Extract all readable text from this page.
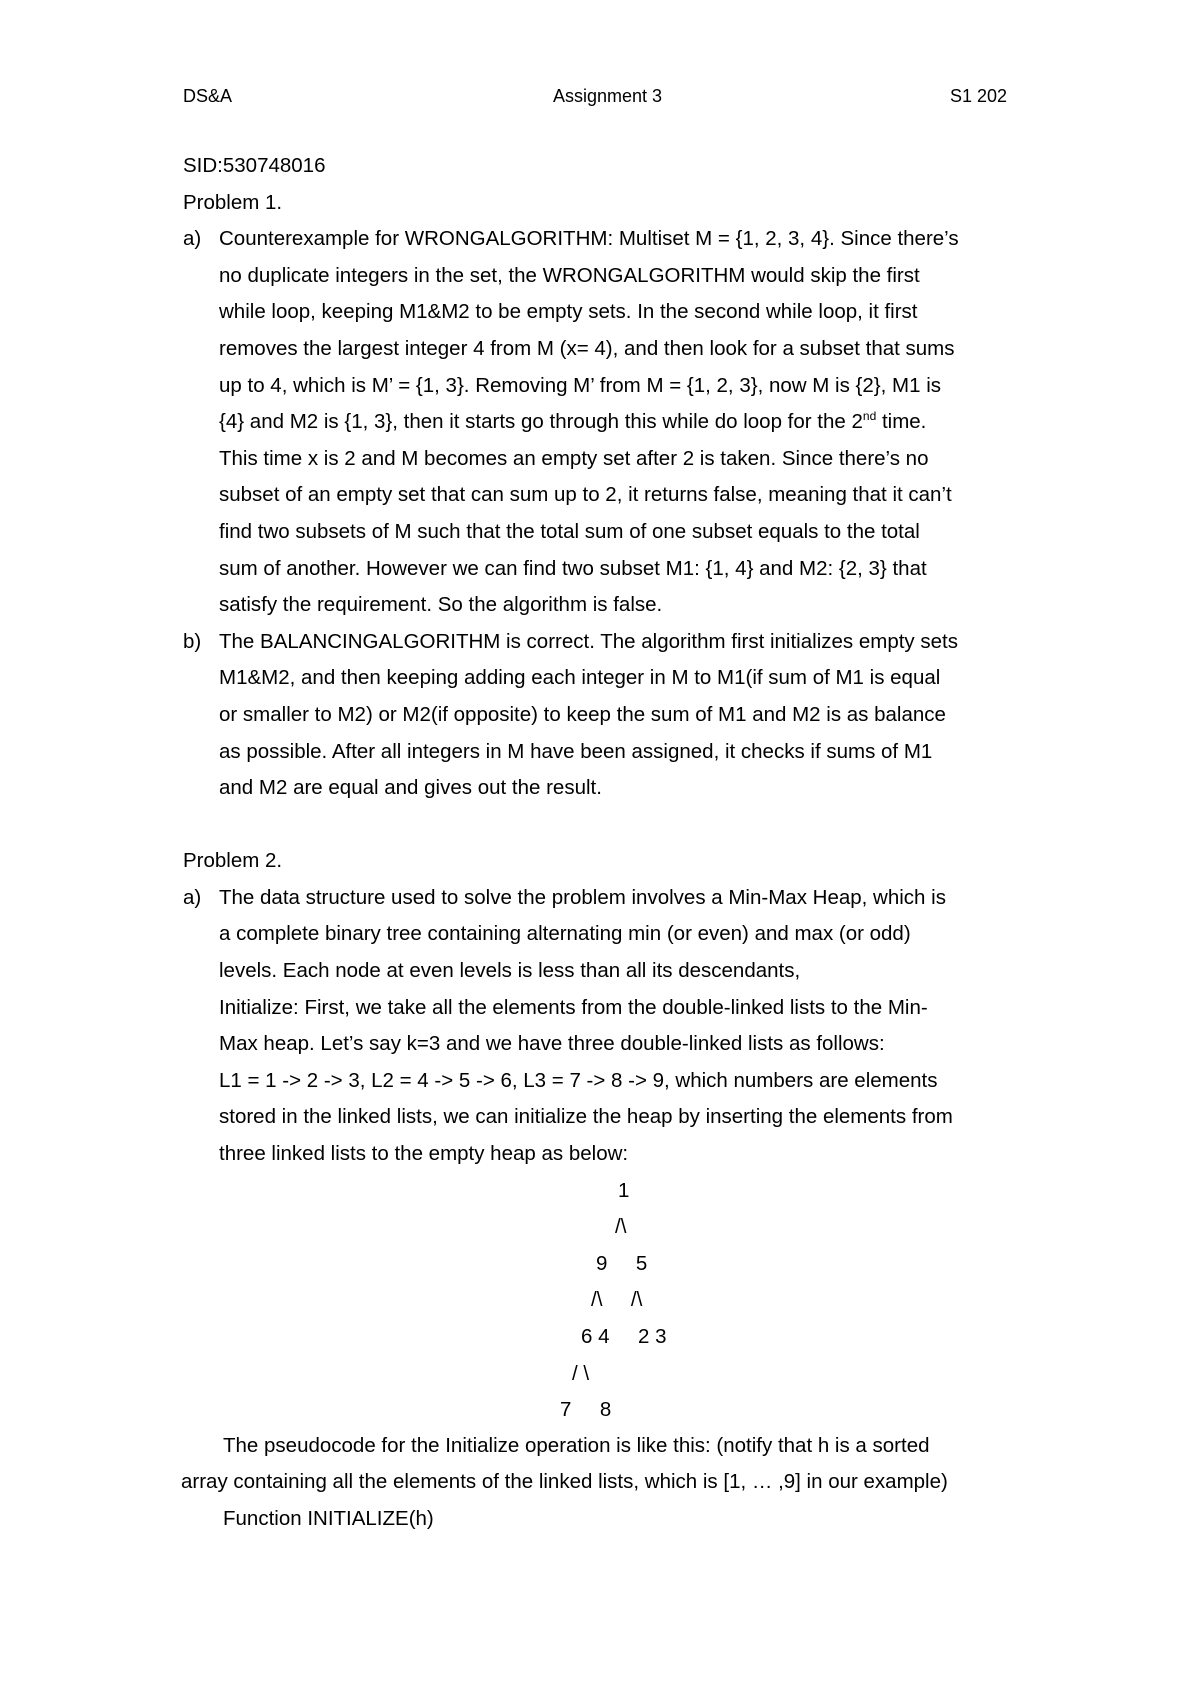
DS&A	Assignment 3	S1 202
SID:530748016
Problem 1.
a) Counterexample for WRONGALGORITHM: Multiset M = {1, 2, 3, 4}. Since there’s
no duplicate integers in the set, the WRONGALGORITHM would skip the first
while loop, keeping M1&M2 to be empty sets. In the second while loop, it first
removes the largest integer 4 from M (x= 4), and then look for a subset that sums
up to 4, which is M’ = {1, 3}. Removing M’ from M = {1, 2, 3}, now M is {2}, M1 is
{4} and M2 is {1, 3}, then it starts go through this while do loop for the 2nd time.
This time x is 2 and M becomes an empty set after 2 is taken. Since there’s no
subset of an empty set that can sum up to 2, it returns false, meaning that it can’t
find two subsets of M such that the total sum of one subset equals to the total
sum of another. However we can find two subset M1: {1, 4} and M2: {2, 3} that
satisfy the requirement. So the algorithm is false.
b) The BALANCINGALGORITHM is correct. The algorithm first initializes empty sets
M1&M2, and then keeping adding each integer in M to M1(if sum of M1 is equal
or smaller to M2) or M2(if opposite) to keep the sum of M1 and M2 is as balance
as possible. After all integers in M have been assigned, it checks if sums of M1
and M2 are equal and gives out the result.
Problem 2.
a) The data structure used to solve the problem involves a Min-Max Heap, which is
a complete binary tree containing alternating min (or even) and max (or odd)
levels. Each node at even levels is less than all its descendants,
Initialize: First, we take all the elements from the double-linked lists to the Min-
Max heap. Let’s say k=3 and we have three double-linked lists as follows:
L1 = 1 -> 2 -> 3, L2 = 4 -> 5 -> 6, L3 = 7 -> 8 -> 9, which numbers are elements
stored in the linked lists, we can initialize the heap by inserting the elements from
three linked lists to the empty heap as below:
1
/\
9     5
/\     /\
6 4     2 3
/ \
7     8
The pseudocode for the Initialize operation is like this: (notify that h is a sorted
array containing all the elements of the linked lists, which is [1, … ,9] in our example)
Function INITIALIZE(h)
